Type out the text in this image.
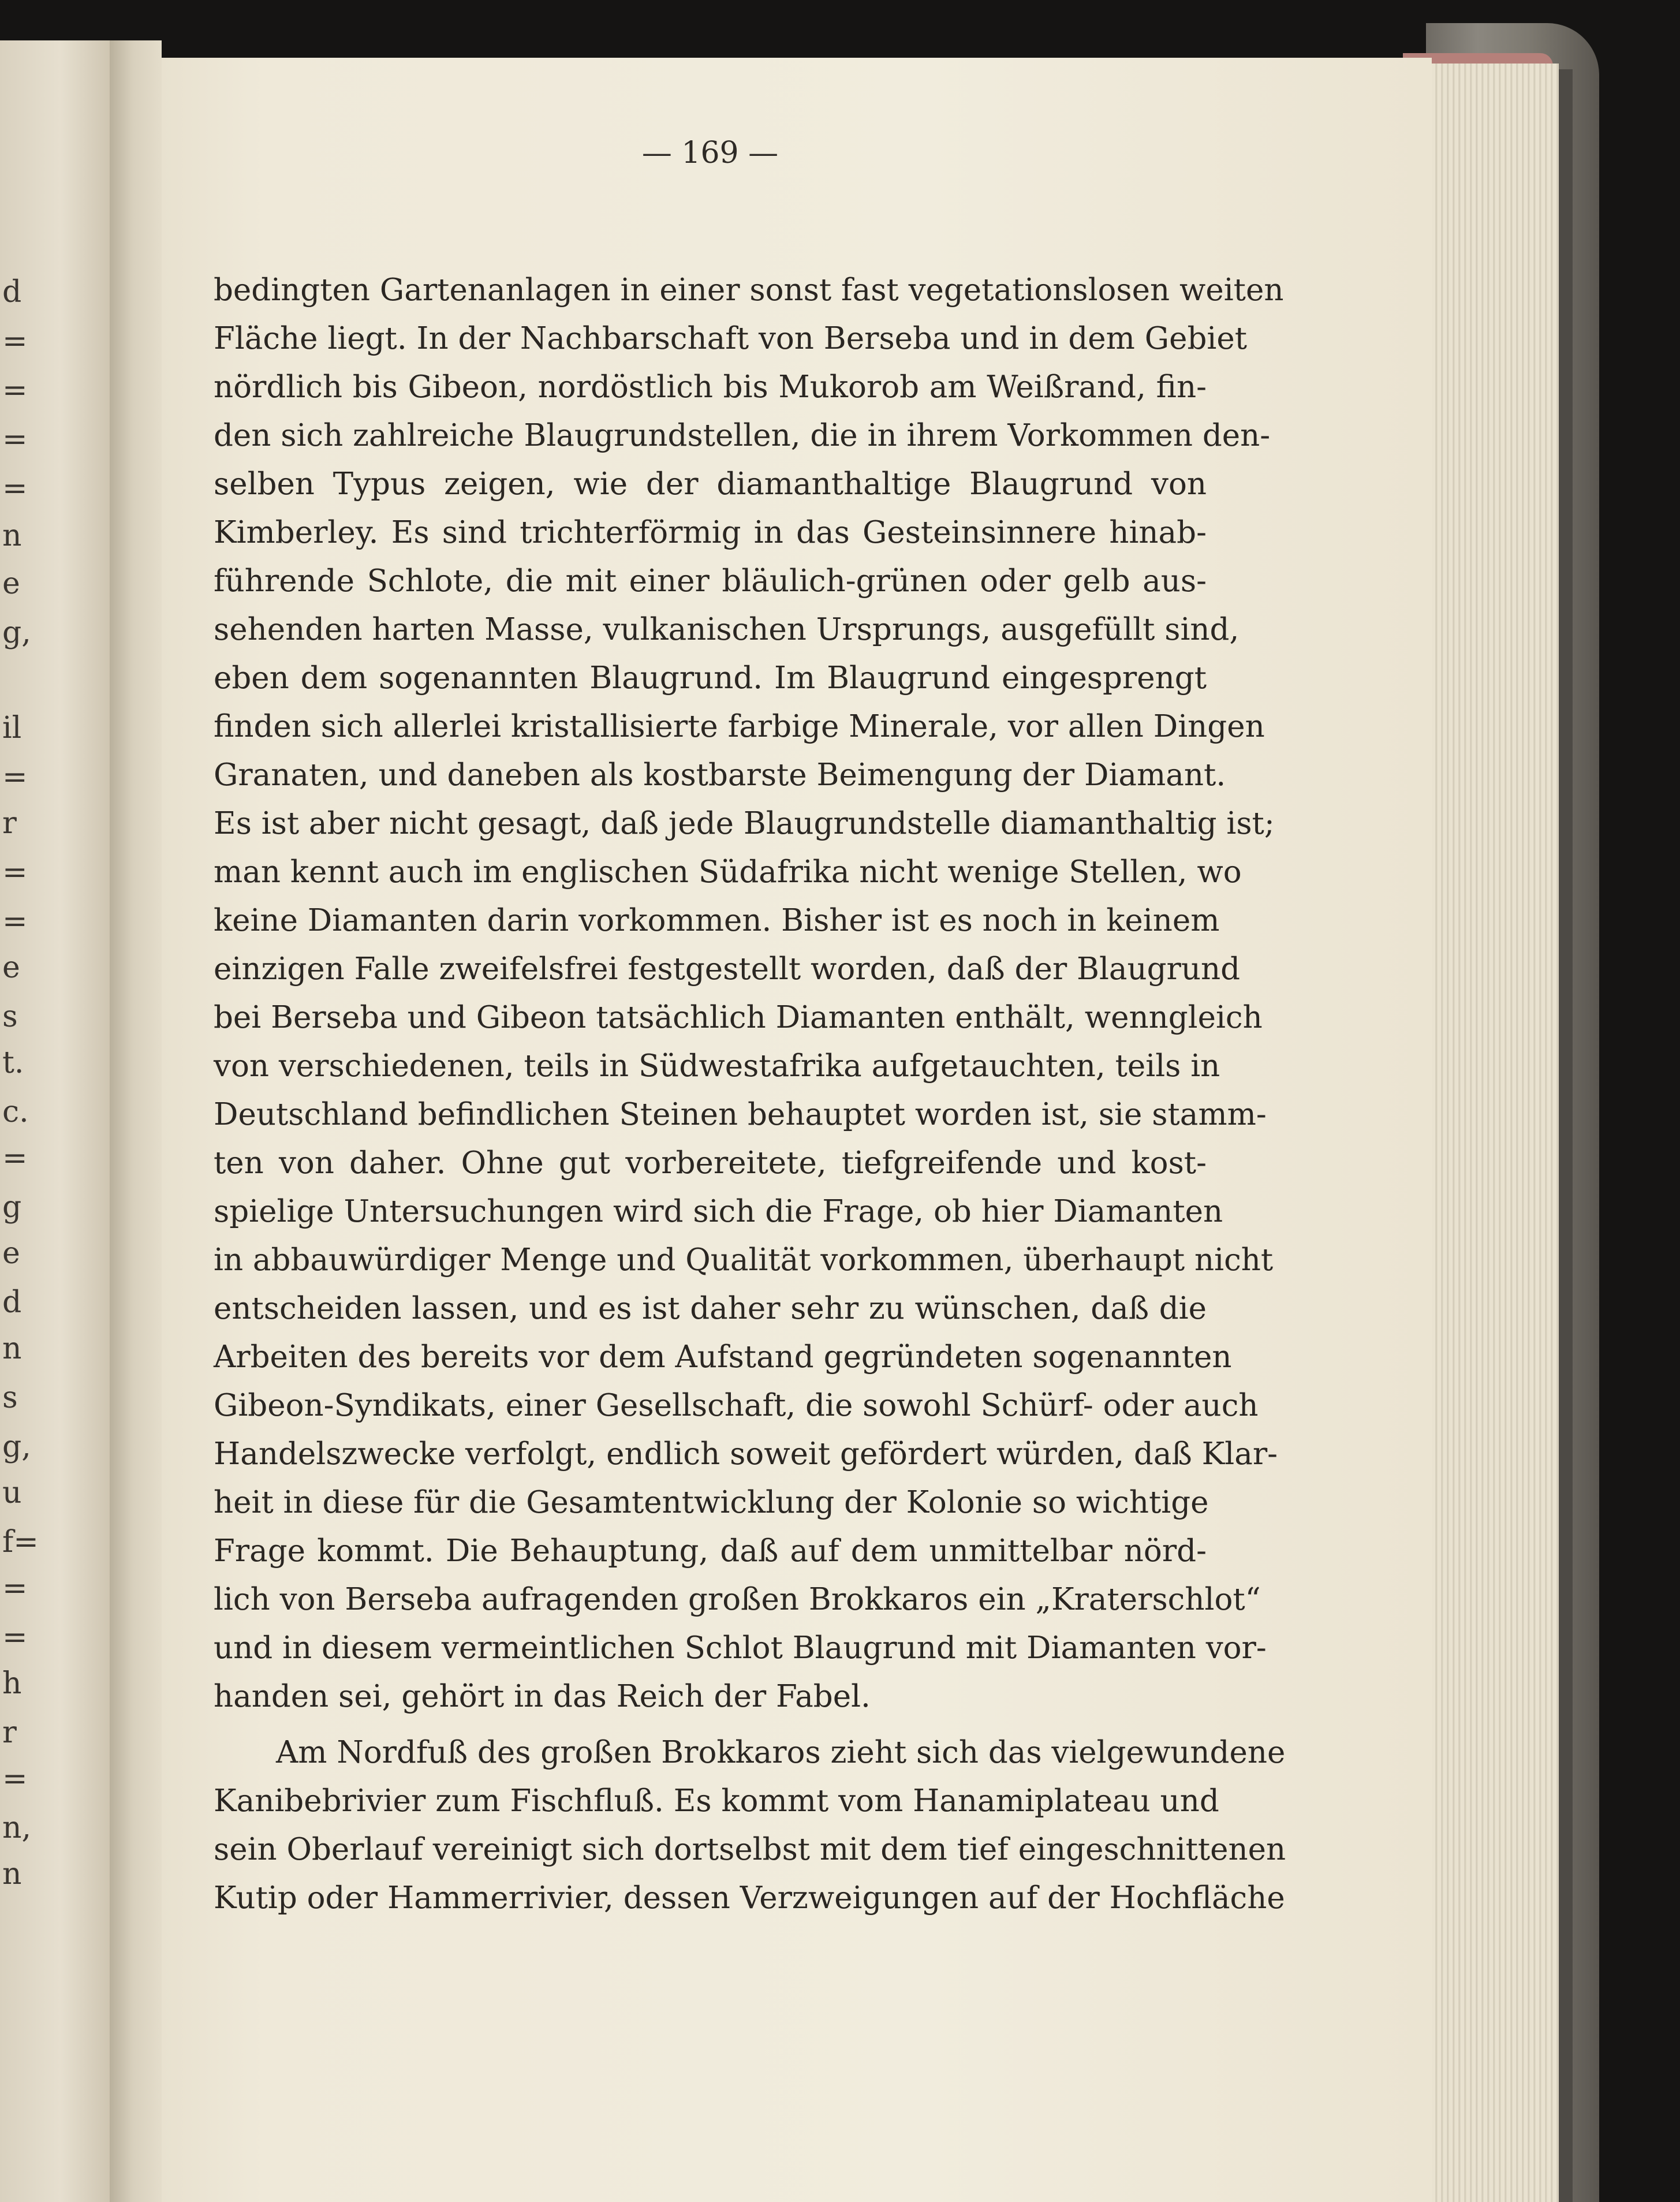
d
=
=
=
=
n
e
g,
il
=
r
=
=
e
s
t.
c.
=
g
e
d
n
s
g,
u
f=
=
=
h
r
=
n,
n

— 169 —

bedingten Gartenanlagen in einer sonst fast vegetationslosen weiten

Fläche liegt. In der Nachbarschaft von Berseba und in dem Gebiet

nördlich bis Gibeon, nordöstlich bis Mukorob am Weißrand, fin-

den sich zahlreiche Blaugrundstellen, die in ihrem Vorkommen den-

selben Typus zeigen, wie der diamanthaltige Blaugrund von

Kimberley. Es sind trichterförmig in das Gesteinsinnere hinab-

führende Schlote, die mit einer bläulich-grünen oder gelb aus-

sehenden harten Masse, vulkanischen Ursprungs, ausgefüllt sind,

eben dem sogenannten Blaugrund. Im Blaugrund eingesprengt

finden sich allerlei kristallisierte farbige Minerale, vor allen Dingen

Granaten, und daneben als kostbarste Beimengung der Diamant.

Es ist aber nicht gesagt, daß jede Blaugrundstelle diamanthaltig ist;

man kennt auch im englischen Südafrika nicht wenige Stellen, wo

keine Diamanten darin vorkommen. Bisher ist es noch in keinem

einzigen Falle zweifelsfrei festgestellt worden, daß der Blaugrund

bei Berseba und Gibeon tatsächlich Diamanten enthält, wenngleich

von verschiedenen, teils in Südwestafrika aufgetauchten, teils in

Deutschland befindlichen Steinen behauptet worden ist, sie stamm-

ten von daher. Ohne gut vorbereitete, tiefgreifende und kost-

spielige Untersuchungen wird sich die Frage, ob hier Diamanten

in abbauwürdiger Menge und Qualität vorkommen, überhaupt nicht

entscheiden lassen, und es ist daher sehr zu wünschen, daß die

Arbeiten des bereits vor dem Aufstand gegründeten sogenannten

Gibeon-Syndikats, einer Gesellschaft, die sowohl Schürf- oder auch

Handelszwecke verfolgt, endlich soweit gefördert würden, daß Klar-

heit in diese für die Gesamtentwicklung der Kolonie so wichtige

Frage kommt. Die Behauptung, daß auf dem unmittelbar nörd-

lich von Berseba aufragenden großen Brokkaros ein „Kraterschlot“

und in diesem vermeintlichen Schlot Blaugrund mit Diamanten vor-

handen sei, gehört in das Reich der Fabel.

Am Nordfuß des großen Brokkaros zieht sich das vielgewundene

Kanibebrivier zum Fischfluß. Es kommt vom Hanamiplateau und

sein Oberlauf vereinigt sich dortselbst mit dem tief eingeschnittenen

Kutip oder Hammerrivier, dessen Verzweigungen auf der Hochfläche
